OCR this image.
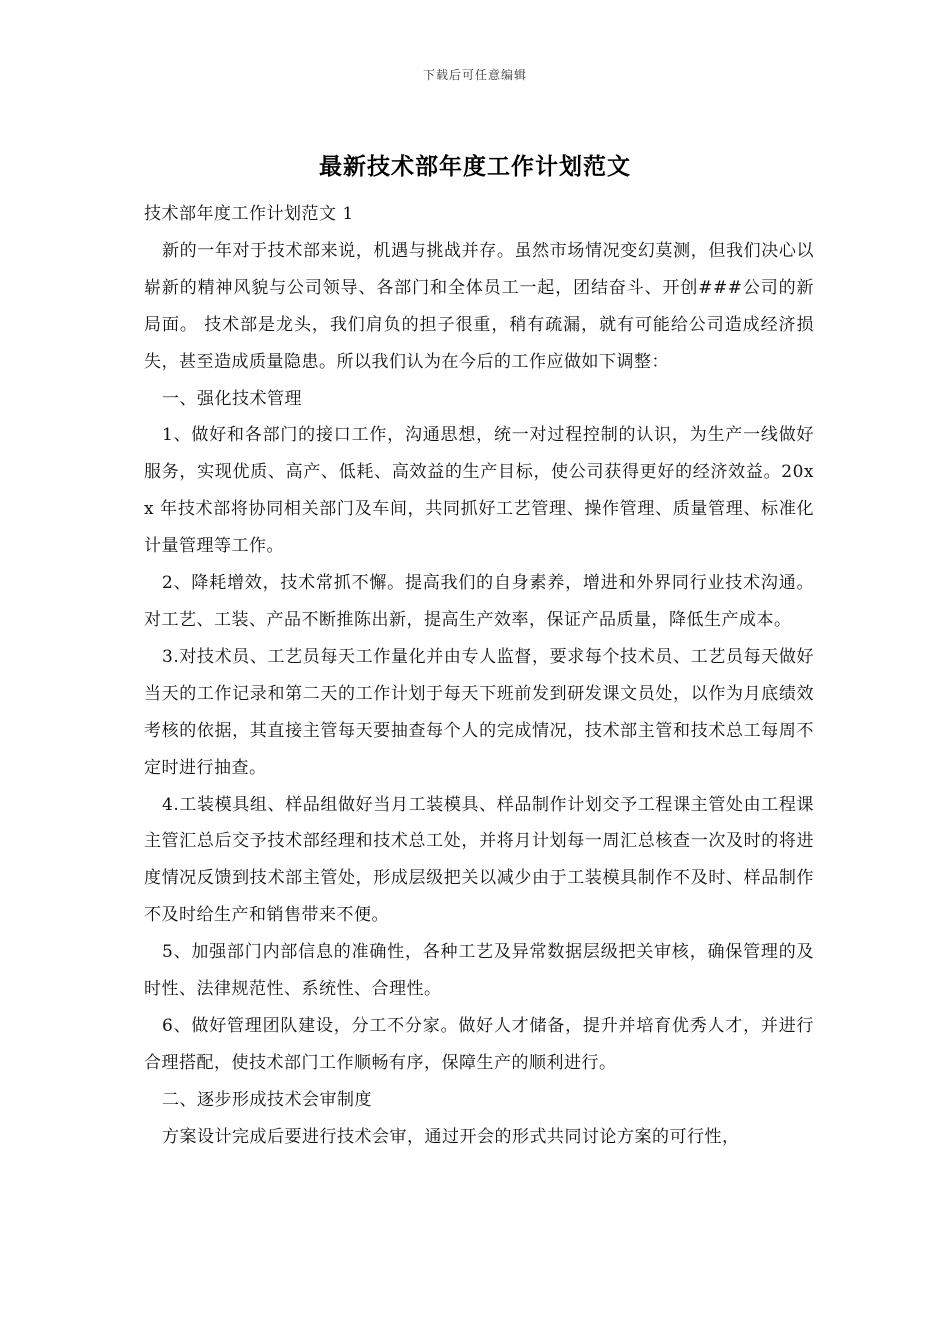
下载后可任意编辑
最新技术部年度工作计划范文

技术部年度工作计划范文 1

新的一年对于技术部来说，机遇与挑战并存。虽然市场情况变幻莫测，但我们决心以崭新的精神风貌与公司领导、各部门和全体员工一起，团结奋斗、开创###公司的新局面。 技术部是龙头，我们肩负的担子很重，稍有疏漏，就有可能给公司造成经济损失，甚至造成质量隐患。所以我们认为在今后的工作应做如下调整：

一、强化技术管理

1、做好和各部门的接口工作，沟通思想，统一对过程控制的认识，为生产一线做好服务，实现优质、高产、低耗、高效益的生产目标，使公司获得更好的经济效益。20xx 年技术部将协同相关部门及车间，共同抓好工艺管理、操作管理、质量管理、标准化计量管理等工作。

2、降耗增效，技术常抓不懈。提高我们的自身素养，增进和外界同行业技术沟通。对工艺、工装、产品不断推陈出新，提高生产效率，保证产品质量，降低生产成本。

3.对技术员、工艺员每天工作量化并由专人监督，要求每个技术员、工艺员每天做好当天的工作记录和第二天的工作计划于每天下班前发到研发课文员处，以作为月底绩效考核的依据，其直接主管每天要抽查每个人的完成情况，技术部主管和技术总工每周不定时进行抽查。

4.工装模具组、样品组做好当月工装模具、样品制作计划交予工程课主管处由工程课主管汇总后交予技术部经理和技术总工处，并将月计划每一周汇总核查一次及时的将进度情况反馈到技术部主管处，形成层级把关以减少由于工装模具制作不及时、样品制作不及时给生产和销售带来不便。

5、加强部门内部信息的准确性，各种工艺及异常数据层级把关审核，确保管理的及时性、法律规范性、系统性、合理性。

6、做好管理团队建设，分工不分家。做好人才储备，提升并培育优秀人才，并进行合理搭配，使技术部门工作顺畅有序，保障生产的顺利进行。

二、逐步形成技术会审制度

方案设计完成后要进行技术会审，通过开会的形式共同讨论方案的可行性，
